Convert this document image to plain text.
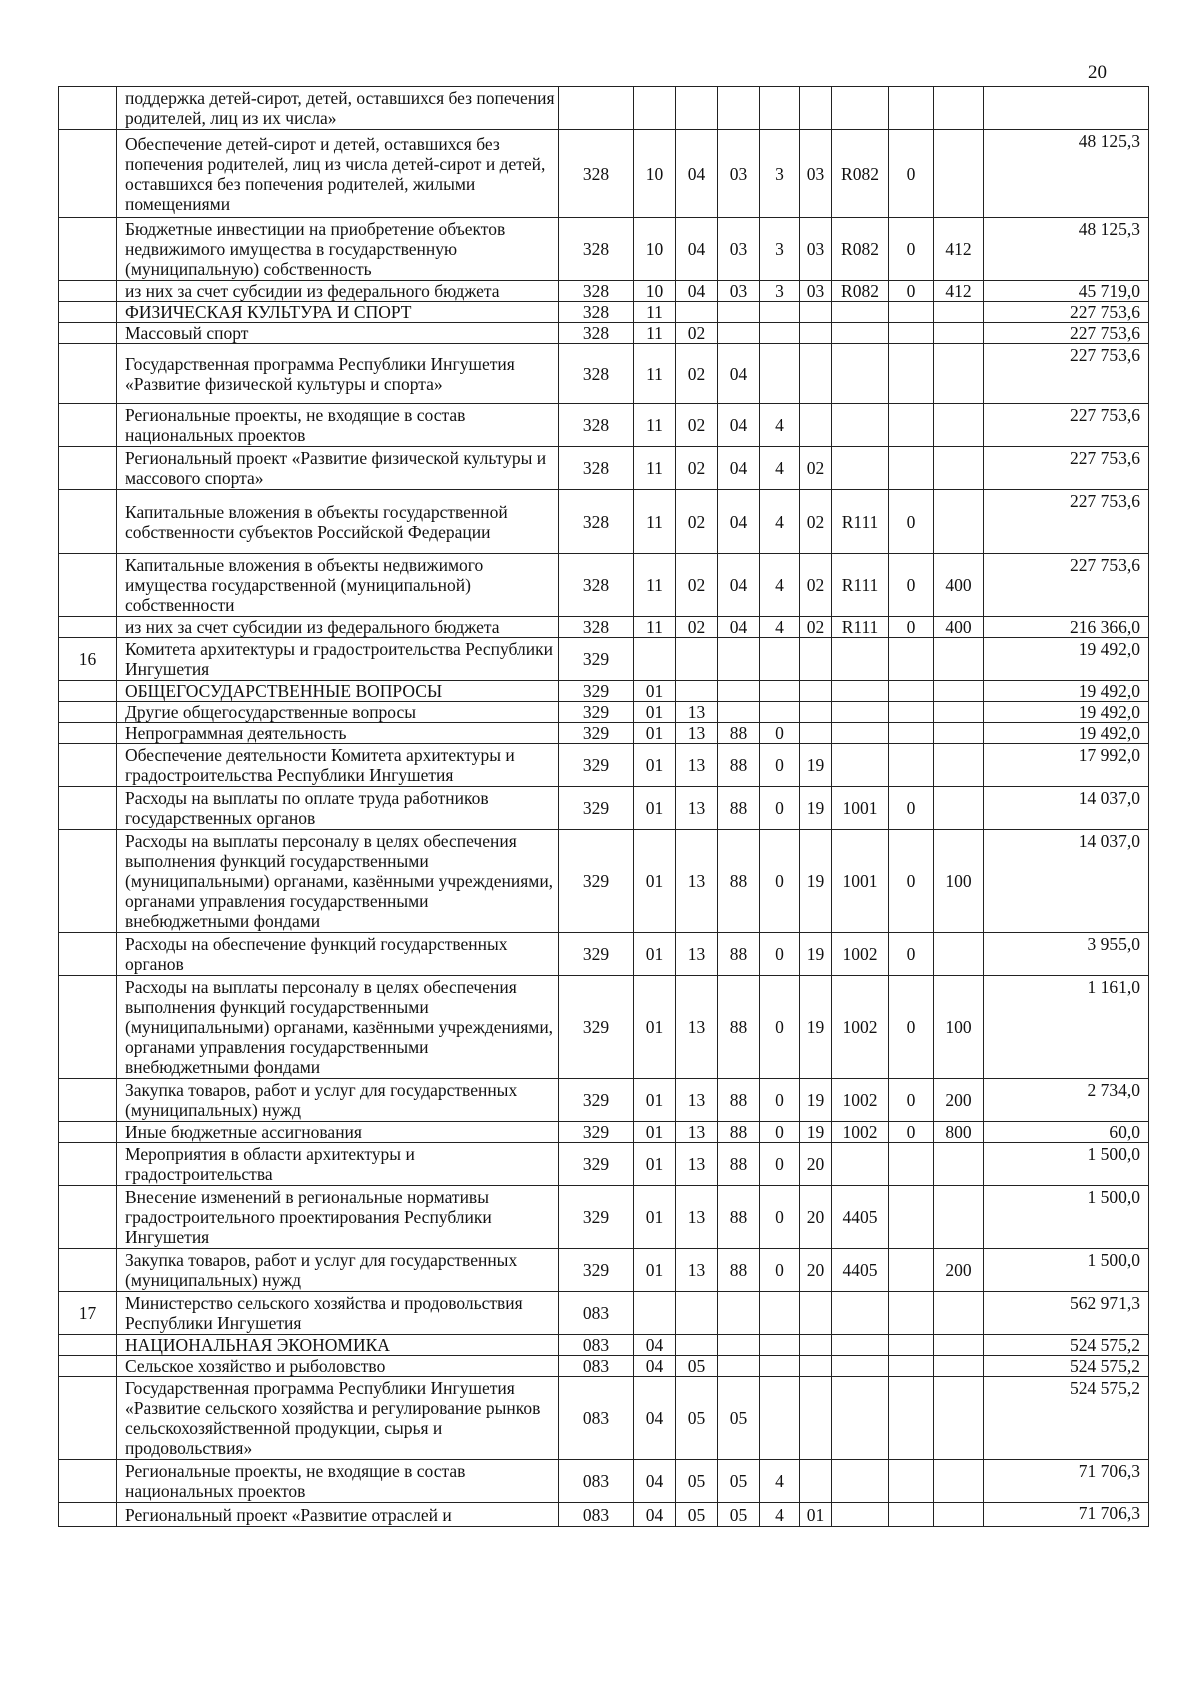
20
	поддержка детей-сирот, детей, оставшихся без попечения родителей, лиц из их числа»										
	Обеспечение детей-сирот и детей, оставшихся без попечения родителей, лиц из числа детей-сирот и детей, оставшихся без попечения родителей, жилыми помещениями	328	10	04	03	3	03	R082	0		48 125,3
	Бюджетные инвестиции на приобретение объектов недвижимого имущества в государственную (муниципальную) собственность	328	10	04	03	3	03	R082	0	412	48 125,3
	из них за счет субсидии из федерального бюджета	328	10	04	03	3	03	R082	0	412	45 719,0
	ФИЗИЧЕСКАЯ КУЛЬТУРА И СПОРТ	328	11								227 753,6
	Массовый спорт	328	11	02							227 753,6
	Государственная программа Республики Ингушетия «Развитие физической культуры и спорта»	328	11	02	04						227 753,6
	Региональные проекты, не входящие в состав национальных проектов	328	11	02	04	4					227 753,6
	Региональный проект «Развитие физической культуры и массового спорта»	328	11	02	04	4	02				227 753,6
	Капитальные вложения в объекты государственной собственности субъектов Российской Федерации	328	11	02	04	4	02	R111	0		227 753,6
	Капитальные вложения в объекты недвижимого имущества государственной (муниципальной) собственности	328	11	02	04	4	02	R111	0	400	227 753,6
	из них за счет субсидии из федерального бюджета	328	11	02	04	4	02	R111	0	400	216 366,0
16	Комитета архитектуры и градостроительства Республики Ингушетия	329									19 492,0
	ОБЩЕГОСУДАРСТВЕННЫЕ ВОПРОСЫ	329	01								19 492,0
	Другие общегосударственные вопросы	329	01	13							19 492,0
	Непрограммная деятельность	329	01	13	88	0					19 492,0
	Обеспечение деятельности Комитета архитектуры и градостроительства Республики Ингушетия	329	01	13	88	0	19				17 992,0
	Расходы на выплаты по оплате труда работников государственных органов	329	01	13	88	0	19	1001	0		14 037,0
	Расходы на выплаты персоналу в целях обеспечения выполнения функций государственными (муниципальными) органами, казёнными учреждениями, органами управления государственными внебюджетными фондами	329	01	13	88	0	19	1001	0	100	14 037,0
	Расходы на обеспечение функций государственных органов	329	01	13	88	0	19	1002	0		3 955,0
	Расходы на выплаты персоналу в целях обеспечения выполнения функций государственными (муниципальными) органами, казёнными учреждениями, органами управления государственными внебюджетными фондами	329	01	13	88	0	19	1002	0	100	1 161,0
	Закупка товаров, работ и услуг для государственных (муниципальных) нужд	329	01	13	88	0	19	1002	0	200	2 734,0
	Иные бюджетные ассигнования	329	01	13	88	0	19	1002	0	800	60,0
	Мероприятия в области архитектуры и градостроительства	329	01	13	88	0	20				1 500,0
	Внесение изменений в региональные нормативы градостроительного проектирования Республики Ингушетия	329	01	13	88	0	20	4405			1 500,0
	Закупка товаров, работ и услуг для государственных (муниципальных) нужд	329	01	13	88	0	20	4405		200	1 500,0
17	Министерство сельского хозяйства и продовольствия Республики Ингушетия	083									562 971,3
	НАЦИОНАЛЬНАЯ ЭКОНОМИКА	083	04								524 575,2
	Сельское хозяйство и рыболовство	083	04	05							524 575,2
	Государственная программа Республики Ингушетия «Развитие сельского хозяйства и регулирование рынков сельскохозяйственной продукции, сырья и продовольствия»	083	04	05	05						524 575,2
	Региональные проекты, не входящие в состав национальных проектов	083	04	05	05	4					71 706,3
	Региональный проект «Развитие отраслей и	083	04	05	05	4	01				71 706,3
